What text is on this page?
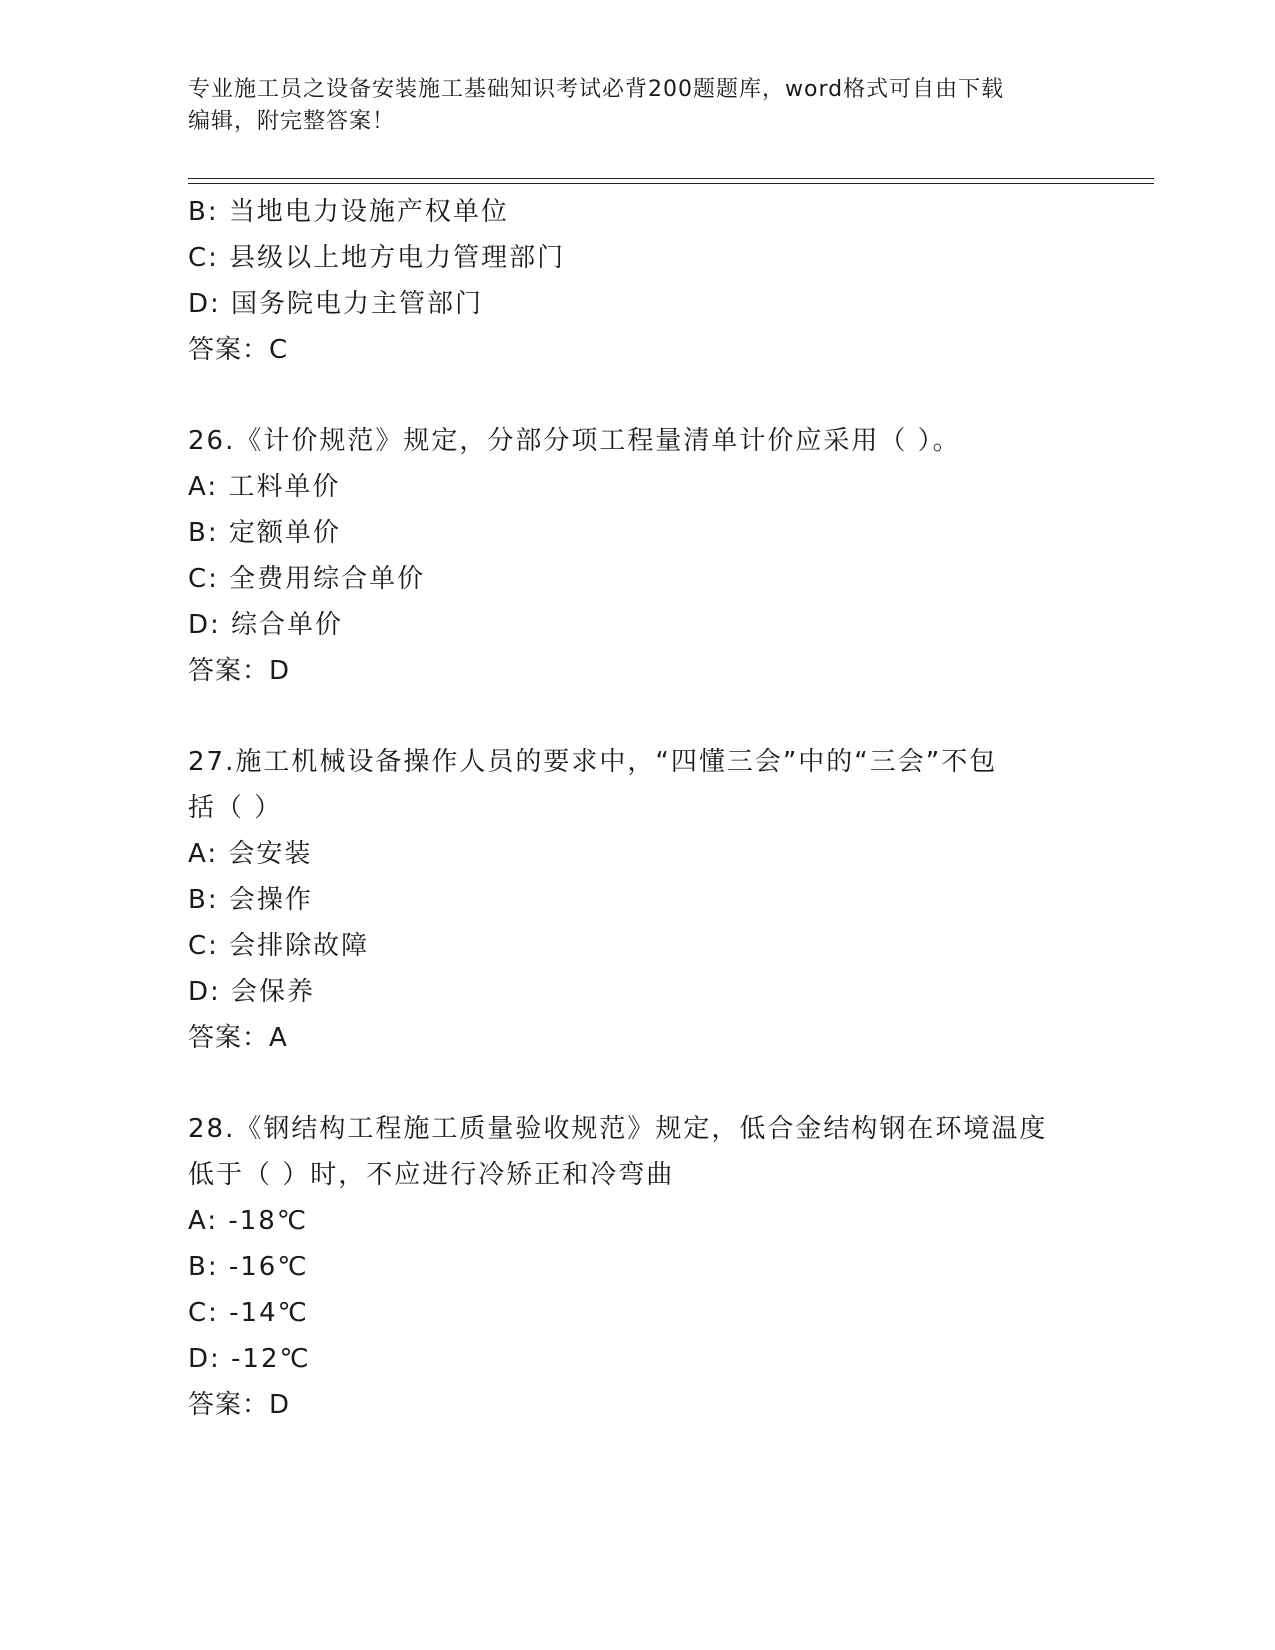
专业施工员之设备安装施工基础知识考试必背200题题库，word格式可自由下载
编辑，附完整答案！
B: 当地电力设施产权单位
C: 县级以上地方电力管理部门
D: 国务院电力主管部门
答案：C
26.《计价规范》规定，分部分项工程量清单计价应采用（ ）。
A: 工料单价
B: 定额单价
C: 全费用综合单价
D: 综合单价
答案：D
27.施工机械设备操作人员的要求中，“四懂三会”中的“三会”不包
括（ ）
A: 会安装
B: 会操作
C: 会排除故障
D: 会保养
答案：A
28.《钢结构工程施工质量验收规范》规定，低合金结构钢在环境温度
低于（ ）时，不应进行冷矫正和冷弯曲
A: -18℃
B: -16℃
C: -14℃
D: -12℃
答案：D
